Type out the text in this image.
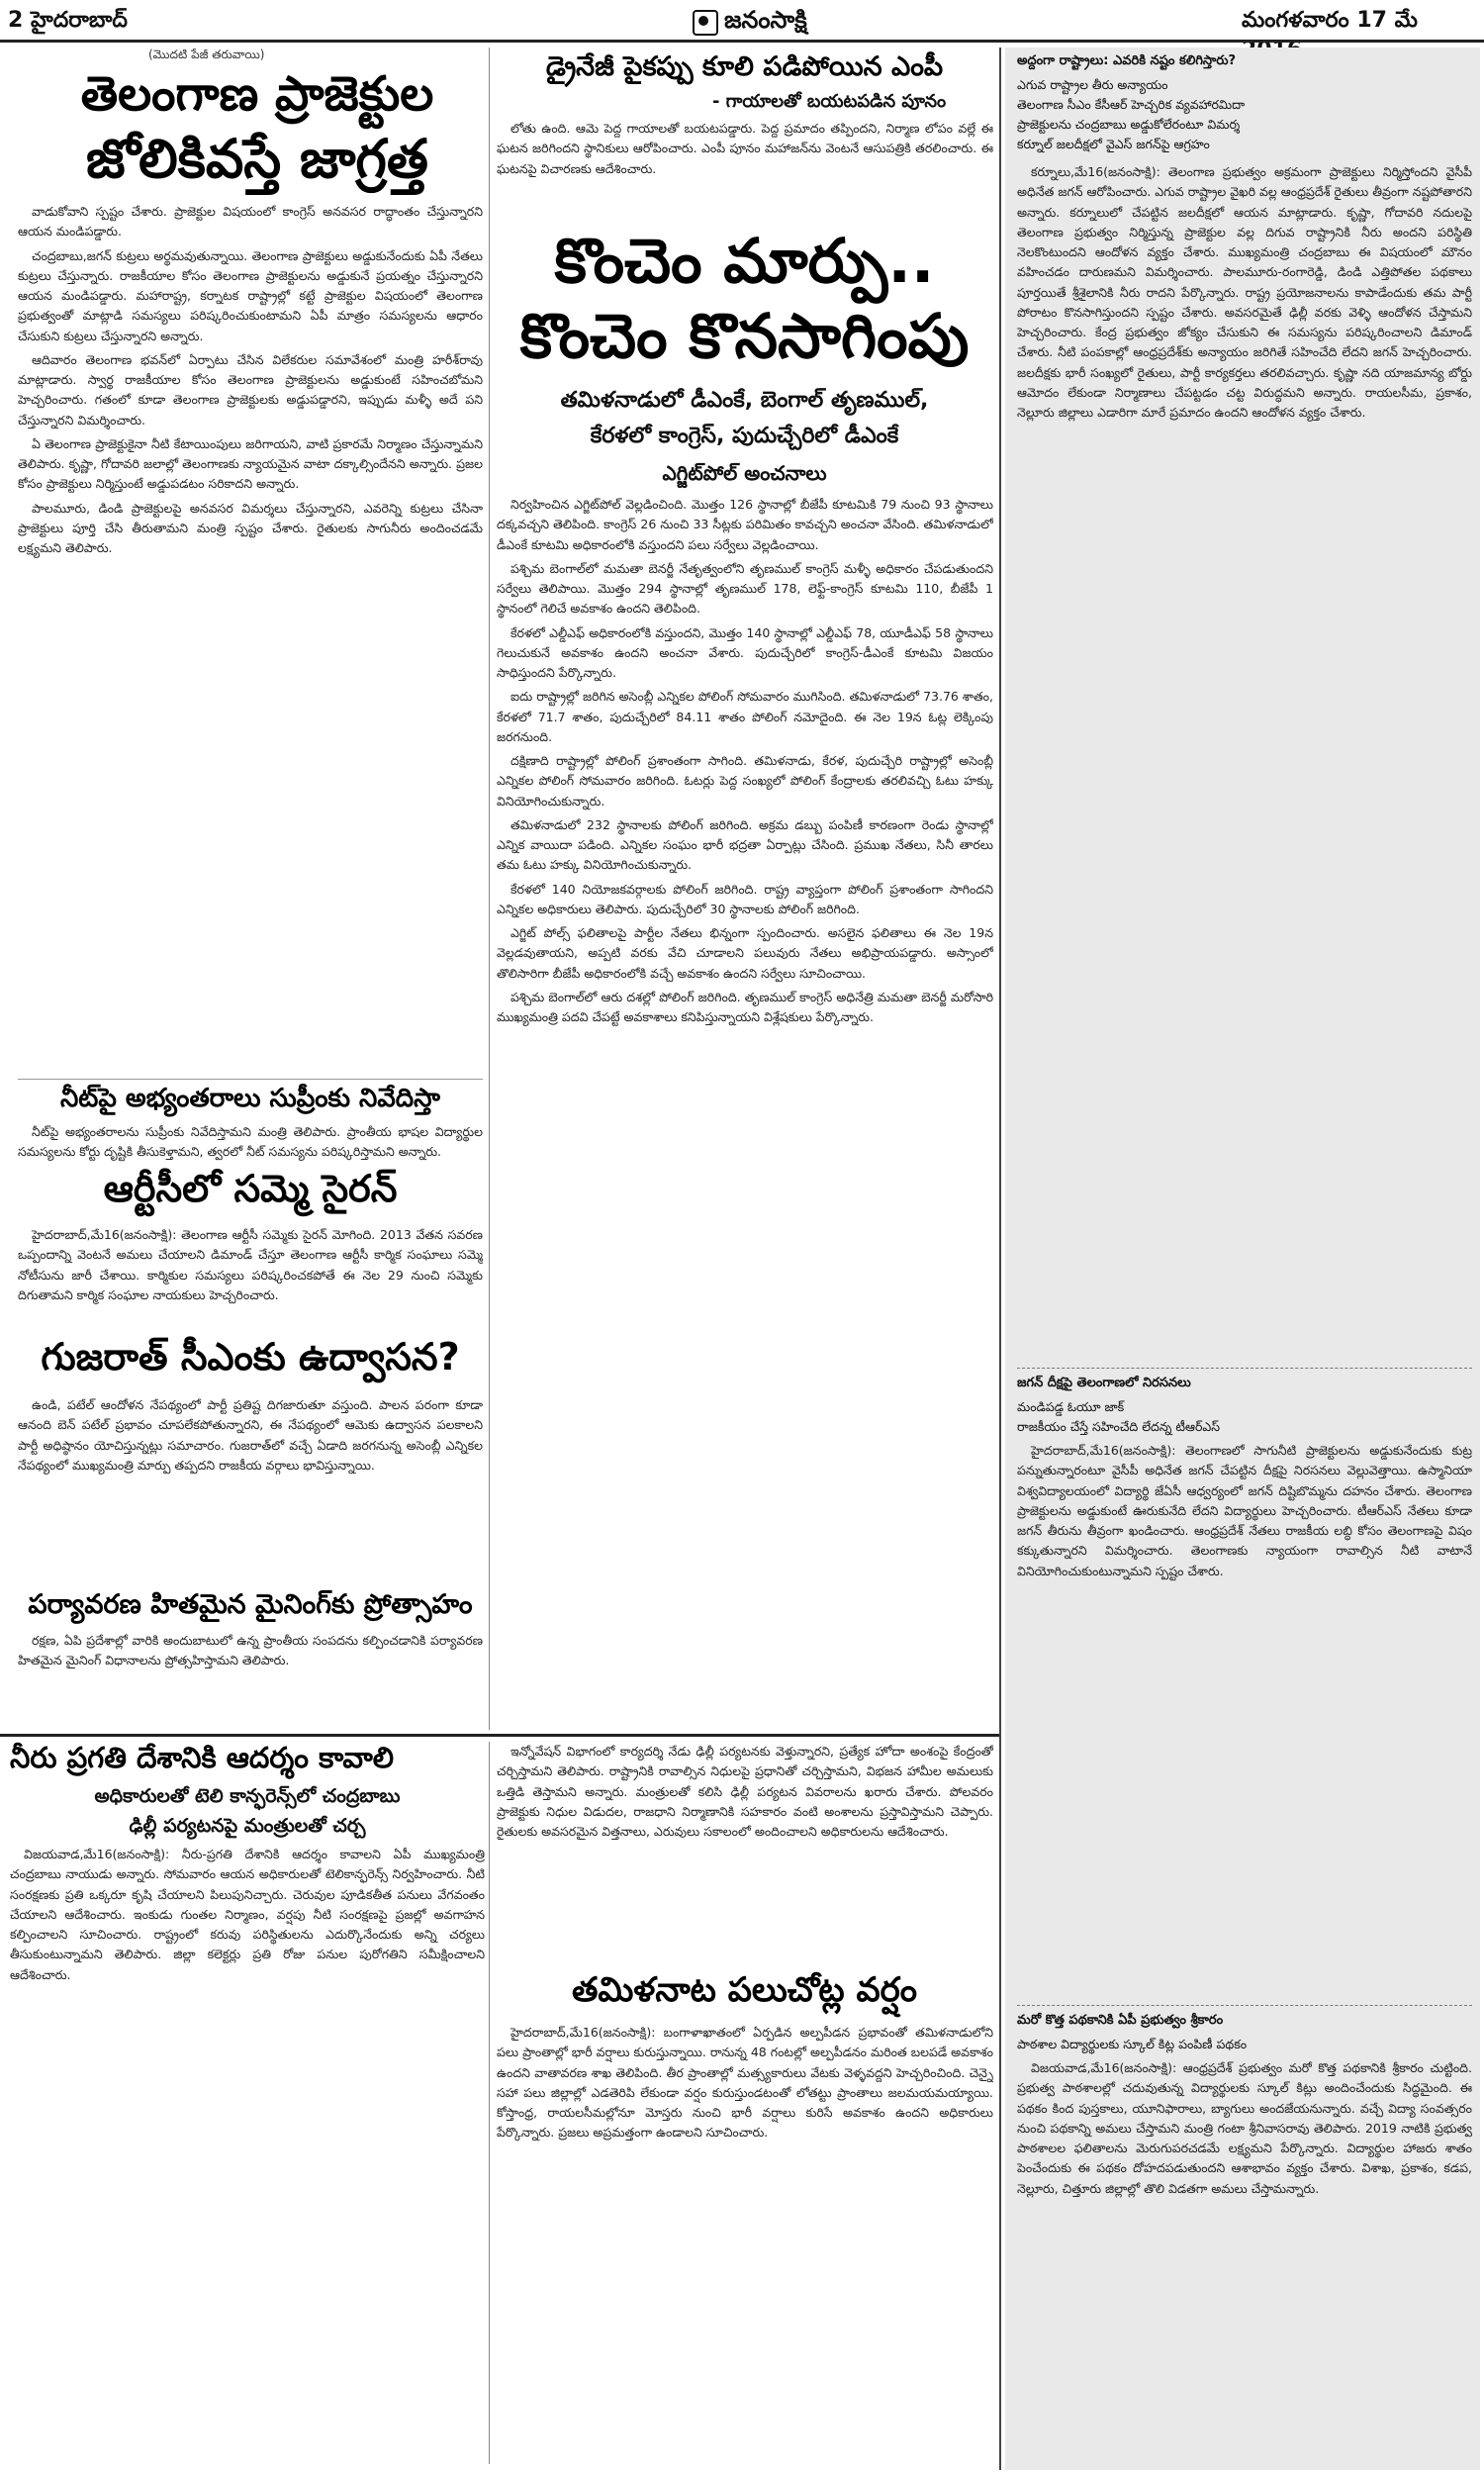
2 హైదరాబాద్	జనంసాక్షి	మంగళవారం 17 మే
(మొదటి పేజీ తరువాయి)
తెలంగాణ ప్రాజెక్టుల
జోలికివస్తే జాగ్రత్త

వాడుకోవాని స్పష్టం చేశారు. ప్రాజెక్టుల విషయంలో కాంగ్రెస్ అనవసర రాద్ధాంతం చేస్తున్నారని ఆయన మండిపడ్డారు.

చంద్రబాబు,జగన్ కుట్రలు అర్థమవుతున్నాయి. తెలంగాణ ప్రాజెక్టులు అడ్డుకునేందుకు ఏపీ నేతలు కుట్రలు చేస్తున్నారు. రాజకీయాల కోసం తెలంగాణ ప్రాజెక్టులను అడ్డుకునే ప్రయత్నం చేస్తున్నారని ఆయన మండిపడ్డారు. మహారాష్ట్ర, కర్నాటక రాష్ట్రాల్లో కట్టే ప్రాజెక్టుల విషయంలో తెలంగాణ ప్రభుత్వంతో మాట్లాడి సమస్యలు పరిష్కరించుకుంటామని ఏపీ మాత్రం సమస్యలను ఆధారం చేసుకుని కుట్రలు చేస్తున్నారని అన్నారు.

ఆదివారం తెలంగాణ భవన్‌లో ఏర్పాటు చేసిన విలేకరుల సమావేశంలో మంత్రి హరీశ్‌రావు మాట్లాడారు. స్వార్థ రాజకీయాల కోసం తెలంగాణ ప్రాజెక్టులను అడ్డుకుంటే సహించబోమని హెచ్చరించారు. గతంలో కూడా తెలంగాణ ప్రాజెక్టులకు అడ్డుపడ్డారని, ఇప్పుడు మళ్ళీ అదే పని చేస్తున్నారని విమర్శించారు.

ఏ తెలంగాణ ప్రాజెక్టుకైనా నీటి కేటాయింపులు జరిగాయని, వాటి ప్రకారమే నిర్మాణం చేస్తున్నామని తెలిపారు. కృష్ణా, గోదావరి జలాల్లో తెలంగాణకు న్యాయమైన వాటా దక్కాల్సిందేనని అన్నారు. ప్రజల కోసం ప్రాజెక్టులు నిర్మిస్తుంటే అడ్డుపడటం సరికాదని అన్నారు.

పాలమూరు, డిండి ప్రాజెక్టులపై అనవసర విమర్శలు చేస్తున్నారని, ఎవరెన్ని కుట్రలు చేసినా ప్రాజెక్టులు పూర్తి చేసి తీరుతామని మంత్రి స్పష్టం చేశారు. రైతులకు సాగునీరు అందించడమే లక్ష్యమని తెలిపారు.

నీట్‌పై అభ్యంతరాలు సుప్రీంకు నివేదిస్తా

నీట్‌పై అభ్యంతరాలను సుప్రీంకు నివేదిస్తామని మంత్రి తెలిపారు. ప్రాంతీయ భాషల విద్యార్థుల సమస్యలను కోర్టు దృష్టికి తీసుకెళ్తామని, త్వరలో నీట్ సమస్యను పరిష్కరిస్తామని అన్నారు.

ఆర్టీసీలో సమ్మె సైరన్

హైదరాబాద్,మే16(జనంసాక్షి): తెలంగాణ ఆర్టీసీ సమ్మెకు సైరన్ మోగింది. 2013 వేతన సవరణ ఒప్పందాన్ని వెంటనే అమలు చేయాలని డిమాండ్ చేస్తూ తెలంగాణ ఆర్టీసీ కార్మిక సంఘాలు సమ్మె నోటీసును జారీ చేశాయి. కార్మికుల సమస్యలు పరిష్కరించకపోతే ఈ నెల 29 నుంచి సమ్మెకు దిగుతామని కార్మిక సంఘాల నాయకులు హెచ్చరించారు.

గుజరాత్ సీఎంకు ఉద్వాసన?

ఉండి, పటేల్ ఆందోళన నేపథ్యంలో పార్టీ ప్రతిష్ట దిగజారుతూ వస్తుంది. పాలన పరంగా కూడా ఆనంది బెన్ పటేల్ ప్రభావం చూపలేకపోతున్నారని, ఈ నేపథ్యంలో ఆమెకు ఉద్వాసన పలకాలని పార్టీ అధిష్ఠానం యోచిస్తున్నట్లు సమాచారం. గుజరాత్‌లో వచ్చే ఏడాది జరగనున్న అసెంబ్లీ ఎన్నికల నేపథ్యంలో ముఖ్యమంత్రి మార్పు తప్పదని రాజకీయ వర్గాలు భావిస్తున్నాయి.

పర్యావరణ హితమైన మైనింగ్‌కు ప్రోత్సాహం

రక్షణ, ఏపి ప్రదేశాల్లో వారికి అందుబాటులో ఉన్న ప్రాంతీయ సంపదను కల్పించడానికి పర్యావరణ హితమైన మైనింగ్ విధానాలను ప్రోత్సహిస్తామని తెలిపారు.

డ్రైనేజీ పైకప్పు కూలి పడిపోయిన ఎంపీ
- గాయాలతో బయటపడిన పూనం

లోతు ఉంది. ఆమె పెద్ద గాయాలతో బయటపడ్డారు. పెద్ద ప్రమాదం తప్పిందని, నిర్మాణ లోపం వల్లే ఈ ఘటన జరిగిందని స్థానికులు ఆరోపించారు. ఎంపీ పూనం మహాజన్‌ను వెంటనే ఆసుపత్రికి తరలించారు. ఈ ఘటనపై విచారణకు ఆదేశించారు.

కొంచెం మార్పు..
కొంచెం కొనసాగింపు
తమిళనాడులో డీఎంకే, బెంగాల్ తృణముల్,
కేరళలో కాంగ్రెస్, పుదుచ్చేరిలో డీఎంకే
ఎగ్జిట్‌పోల్ అంచనాలు

నిర్వహించిన ఎగ్జిట్‌పోల్ వెల్లడించింది. మొత్తం 126 స్థానాల్లో బీజేపీ కూటమికి 79 నుంచి 93 స్థానాలు దక్కవచ్చని తెలిపింది. కాంగ్రెస్ 26 నుంచి 33 సీట్లకు పరిమితం కావచ్చని అంచనా వేసింది. తమిళనాడులో డీఎంకే కూటమి అధికారంలోకి వస్తుందని పలు సర్వేలు వెల్లడించాయి.

పశ్చిమ బెంగాల్‌లో మమతా బెనర్జీ నేతృత్వంలోని తృణముల్ కాంగ్రెస్ మళ్ళీ అధికారం చేపడుతుందని సర్వేలు తెలిపాయి. మొత్తం 294 స్థానాల్లో తృణముల్ 178, లెఫ్ట్-కాంగ్రెస్ కూటమి 110, బీజేపీ 1 స్థానంలో గెలిచే అవకాశం ఉందని తెలిపింది.

కేరళలో ఎల్డీఎఫ్ అధికారంలోకి వస్తుందని, మొత్తం 140 స్థానాల్లో ఎల్డీఎఫ్ 78, యూడీఎఫ్ 58 స్థానాలు గెలుచుకునే అవకాశం ఉందని అంచనా వేశారు. పుదుచ్చేరిలో కాంగ్రెస్-డీఎంకే కూటమి విజయం సాధిస్తుందని పేర్కొన్నారు.

ఐదు రాష్ట్రాల్లో జరిగిన అసెంబ్లీ ఎన్నికల పోలింగ్ సోమవారం ముగిసింది. తమిళనాడులో 73.76 శాతం, కేరళలో 71.7 శాతం, పుదుచ్చేరిలో 84.11 శాతం పోలింగ్ నమోదైంది. ఈ నెల 19న ఓట్ల లెక్కింపు జరగనుంది.

దక్షిణాది రాష్ట్రాల్లో పోలింగ్ ప్రశాంతంగా సాగింది. తమిళనాడు, కేరళ, పుదుచ్చేరి రాష్ట్రాల్లో అసెంబ్లీ ఎన్నికల పోలింగ్ సోమవారం జరిగింది. ఓటర్లు పెద్ద సంఖ్యలో పోలింగ్ కేంద్రాలకు తరలివచ్చి ఓటు హక్కు వినియోగించుకున్నారు.

తమిళనాడులో 232 స్థానాలకు పోలింగ్ జరిగింది. అక్రమ డబ్బు పంపిణీ కారణంగా రెండు స్థానాల్లో ఎన్నిక వాయిదా పడింది. ఎన్నికల సంఘం భారీ భద్రతా ఏర్పాట్లు చేసింది. ప్రముఖ నేతలు, సినీ తారలు తమ ఓటు హక్కు వినియోగించుకున్నారు.

కేరళలో 140 నియోజకవర్గాలకు పోలింగ్ జరిగింది. రాష్ట్ర వ్యాప్తంగా పోలింగ్ ప్రశాంతంగా సాగిందని ఎన్నికల అధికారులు తెలిపారు. పుదుచ్చేరిలో 30 స్థానాలకు పోలింగ్ జరిగింది.

ఎగ్జిట్ పోల్స్ ఫలితాలపై పార్టీల నేతలు భిన్నంగా స్పందించారు. అసలైన ఫలితాలు ఈ నెల 19న వెల్లడవుతాయని, అప్పటి వరకు వేచి చూడాలని పలువురు నేతలు అభిప్రాయపడ్డారు. అస్సాంలో తొలిసారిగా బీజేపీ అధికారంలోకి వచ్చే అవకాశం ఉందని సర్వేలు సూచించాయి.

పశ్చిమ బెంగాల్‌లో ఆరు దశల్లో పోలింగ్ జరిగింది. తృణముల్ కాంగ్రెస్ అధినేత్రి మమతా బెనర్జీ మరోసారి ముఖ్యమంత్రి పదవి చేపట్టే అవకాశాలు కనిపిస్తున్నాయని విశ్లేషకులు పేర్కొన్నారు.

నీరు ప్రగతి దేశానికి ఆదర్శం కావాలి
అధికారులతో టెలి కాన్ఫరెన్స్‌లో చంద్రబాబు
ఢిల్లీ పర్యటనపై మంత్రులతో చర్చ

విజయవాడ,మే16(జనంసాక్షి): నీరు-ప్రగతి దేశానికి ఆదర్శం కావాలని ఏపీ ముఖ్యమంత్రి చంద్రబాబు నాయుడు అన్నారు. సోమవారం ఆయన అధికారులతో టెలికాన్ఫరెన్స్ నిర్వహించారు. నీటి సంరక్షణకు ప్రతి ఒక్కరూ కృషి చేయాలని పిలుపునిచ్చారు. చెరువుల పూడికతీత పనులు వేగవంతం చేయాలని ఆదేశించారు. ఇంకుడు గుంతల నిర్మాణం, వర్షపు నీటి సంరక్షణపై ప్రజల్లో అవగాహన కల్పించాలని సూచించారు. రాష్ట్రంలో కరువు పరిస్థితులను ఎదుర్కొనేందుకు అన్ని చర్యలు తీసుకుంటున్నామని తెలిపారు. జిల్లా కలెక్టర్లు ప్రతి రోజు పనుల పురోగతిని సమీక్షించాలని ఆదేశించారు.

ఇన్నోవేషన్ విభాగంలో కార్యదర్శి నేడు ఢిల్లీ పర్యటనకు వెళ్తున్నారని, ప్రత్యేక హోదా అంశంపై కేంద్రంతో చర్చిస్తామని తెలిపారు. రాష్ట్రానికి రావాల్సిన నిధులపై ప్రధానితో చర్చిస్తామని, విభజన హామీల అమలుకు ఒత్తిడి తెస్తామని అన్నారు. మంత్రులతో కలిసి ఢిల్లీ పర్యటన వివరాలను ఖరారు చేశారు. పోలవరం ప్రాజెక్టుకు నిధుల విడుదల, రాజధాని నిర్మాణానికి సహకారం వంటి అంశాలను ప్రస్తావిస్తామని చెప్పారు. రైతులకు అవసరమైన విత్తనాలు, ఎరువులు సకాలంలో అందించాలని అధికారులను ఆదేశించారు.

తమిళనాట పలుచోట్ల వర్షం

హైదరాబాద్,మే16(జనంసాక్షి): బంగాళాఖాతంలో ఏర్పడిన అల్పపీడన ప్రభావంతో తమిళనాడులోని పలు ప్రాంతాల్లో భారీ వర్షాలు కురుస్తున్నాయి. రానున్న 48 గంటల్లో అల్పపీడనం మరింత బలపడే అవకాశం ఉందని వాతావరణ శాఖ తెలిపింది. తీర ప్రాంతాల్లో మత్స్యకారులు వేటకు వెళ్ళవద్దని హెచ్చరించింది. చెన్నై సహా పలు జిల్లాల్లో ఎడతెరిపి లేకుండా వర్షం కురుస్తుండటంతో లోతట్టు ప్రాంతాలు జలమయమయ్యాయి. కోస్తాంధ్ర, రాయలసీమల్లోనూ మోస్తరు నుంచి భారీ వర్షాలు కురిసే అవకాశం ఉందని అధికారులు పేర్కొన్నారు. ప్రజలు అప్రమత్తంగా ఉండాలని సూచించారు.

అద్దంగా రాష్ట్రాలు: ఎవరికి నష్టం కలిగిస్తారు?
ఎగువ రాష్ట్రాల తీరు అన్యాయం
తెలంగాణ సీఎం కేసీఆర్ హెచ్చరిక వ్యవహారమిదా
ప్రాజెక్టులను చంద్రబాబు అడ్డుకోలేరంటూ విమర్శ
కర్నూల్ జలదీక్షలో వైఎస్ జగన్‌పై ఆగ్రహం

కర్నూలు,మే16(జనంసాక్షి): తెలంగాణ ప్రభుత్వం అక్రమంగా ప్రాజెక్టులు నిర్మిస్తోందని వైసీపీ అధినేత జగన్ ఆరోపించారు. ఎగువ రాష్ట్రాల వైఖరి వల్ల ఆంధ్రప్రదేశ్ రైతులు తీవ్రంగా నష్టపోతారని అన్నారు. కర్నూలులో చేపట్టిన జలదీక్షలో ఆయన మాట్లాడారు. కృష్ణా, గోదావరి నదులపై తెలంగాణ ప్రభుత్వం నిర్మిస్తున్న ప్రాజెక్టుల వల్ల దిగువ రాష్ట్రానికి నీరు అందని పరిస్థితి నెలకొంటుందని ఆందోళన వ్యక్తం చేశారు. ముఖ్యమంత్రి చంద్రబాబు ఈ విషయంలో మౌనం వహించడం దారుణమని విమర్శించారు. పాలమూరు-రంగారెడ్డి, డిండి ఎత్తిపోతల పథకాలు పూర్తయితే శ్రీశైలానికి నీరు రాదని పేర్కొన్నారు. రాష్ట్ర ప్రయోజనాలను కాపాడేందుకు తమ పార్టీ పోరాటం కొనసాగిస్తుందని స్పష్టం చేశారు. అవసరమైతే ఢిల్లీ వరకు వెళ్ళి ఆందోళన చేస్తామని హెచ్చరించారు. కేంద్ర ప్రభుత్వం జోక్యం చేసుకుని ఈ సమస్యను పరిష్కరించాలని డిమాండ్ చేశారు. నీటి పంపకాల్లో ఆంధ్రప్రదేశ్‌కు అన్యాయం జరిగితే సహించేది లేదని జగన్ హెచ్చరించారు. జలదీక్షకు భారీ సంఖ్యలో రైతులు, పార్టీ కార్యకర్తలు తరలివచ్చారు. కృష్ణా నది యాజమాన్య బోర్డు ఆమోదం లేకుండా నిర్మాణాలు చేపట్టడం చట్ట విరుద్ధమని అన్నారు. రాయలసీమ, ప్రకాశం, నెల్లూరు జిల్లాలు ఎడారిగా మారే ప్రమాదం ఉందని ఆందోళన వ్యక్తం చేశారు.

జగన్ దీక్షపై తెలంగాణలో నిరసనలు
మండిపడ్డ ఓయూ జాక్
రాజకీయం చేస్తే సహించేది లేదన్న టీఆర్ఎస్

హైదరాబాద్,మే16(జనంసాక్షి): తెలంగాణలో సాగునీటి ప్రాజెక్టులను అడ్డుకునేందుకు కుట్ర పన్నుతున్నారంటూ వైసీపీ అధినేత జగన్ చేపట్టిన దీక్షపై నిరసనలు వెల్లువెత్తాయి. ఉస్మానియా విశ్వవిద్యాలయంలో విద్యార్థి జేఏసీ ఆధ్వర్యంలో జగన్ దిష్టిబొమ్మను దహనం చేశారు. తెలంగాణ ప్రాజెక్టులను అడ్డుకుంటే ఊరుకునేది లేదని విద్యార్థులు హెచ్చరించారు. టీఆర్ఎస్ నేతలు కూడా జగన్ తీరును తీవ్రంగా ఖండించారు. ఆంధ్రప్రదేశ్ నేతలు రాజకీయ లబ్ధి కోసం తెలంగాణపై విషం కక్కుతున్నారని విమర్శించారు. తెలంగాణకు న్యాయంగా రావాల్సిన నీటి వాటానే వినియోగించుకుంటున్నామని స్పష్టం చేశారు.

మరో కొత్త పథకానికి ఏపీ ప్రభుత్వం శ్రీకారం
పాఠశాల విద్యార్థులకు స్కూల్ కిట్ల పంపిణీ పథకం

విజయవాడ,మే16(జనంసాక్షి): ఆంధ్రప్రదేశ్ ప్రభుత్వం మరో కొత్త పథకానికి శ్రీకారం చుట్టింది. ప్రభుత్వ పాఠశాలల్లో చదువుతున్న విద్యార్థులకు స్కూల్ కిట్లు అందించేందుకు సిద్ధమైంది. ఈ పథకం కింద పుస్తకాలు, యూనిఫారాలు, బ్యాగులు అందజేయనున్నారు. వచ్చే విద్యా సంవత్సరం నుంచి పథకాన్ని అమలు చేస్తామని మంత్రి గంటా శ్రీనివాసరావు తెలిపారు. 2019 నాటికి ప్రభుత్వ పాఠశాలల ఫలితాలను మెరుగుపరచడమే లక్ష్యమని పేర్కొన్నారు. విద్యార్థుల హాజరు శాతం పెంచేందుకు ఈ పథకం దోహదపడుతుందని ఆశాభావం వ్యక్తం చేశారు. విశాఖ, ప్రకాశం, కడప, నెల్లూరు, చిత్తూరు జిల్లాల్లో తొలి విడతగా అమలు చేస్తామన్నారు.
